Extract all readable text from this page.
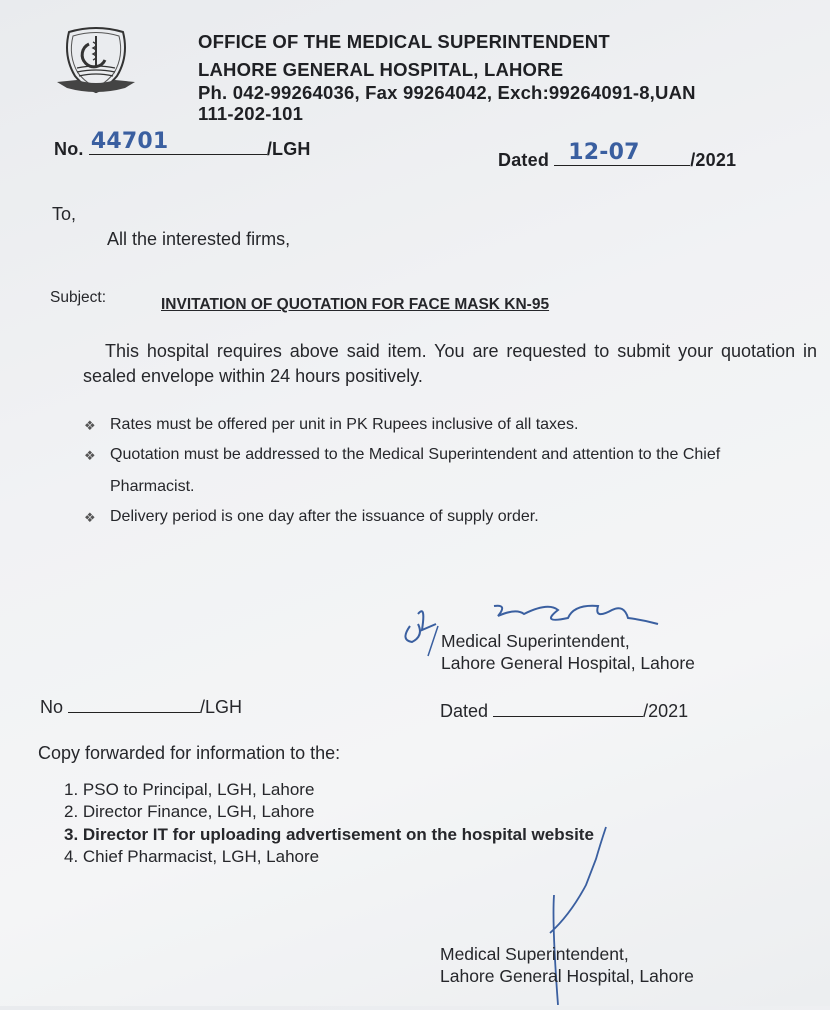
OFFICE OF THE MEDICAL SUPERINTENDENT
LAHORE GENERAL HOSPITAL, LAHORE
Ph. 042-99264036, Fax 99264042, Exch:99264091-8,UAN
111-202-101
No. 44701	/LGH
Dated 12-07	/2021
To,
All the interested firms,
Subject:	INVITATION OF QUOTATION FOR FACE MASK KN-95
This hospital requires above said item. You are requested to submit your quotation in sealed envelope within 24 hours positively.
❖ Rates must be offered per unit in PK Rupees inclusive of all taxes.
❖ Quotation must be addressed to the Medical Superintendent and attention to the Chief
Pharmacist.
❖ Delivery period is one day after the issuance of supply order.
Medical Superintendent,
Lahore General Hospital, Lahore
No	/LGH	Dated	/2021
Copy forwarded for information to the:
1. PSO to Principal, LGH, Lahore
2. Director Finance, LGH, Lahore
3. Director IT for uploading advertisement on the hospital website
4. Chief Pharmacist, LGH, Lahore
Medical Superintendent,
Lahore General Hospital, Lahore
